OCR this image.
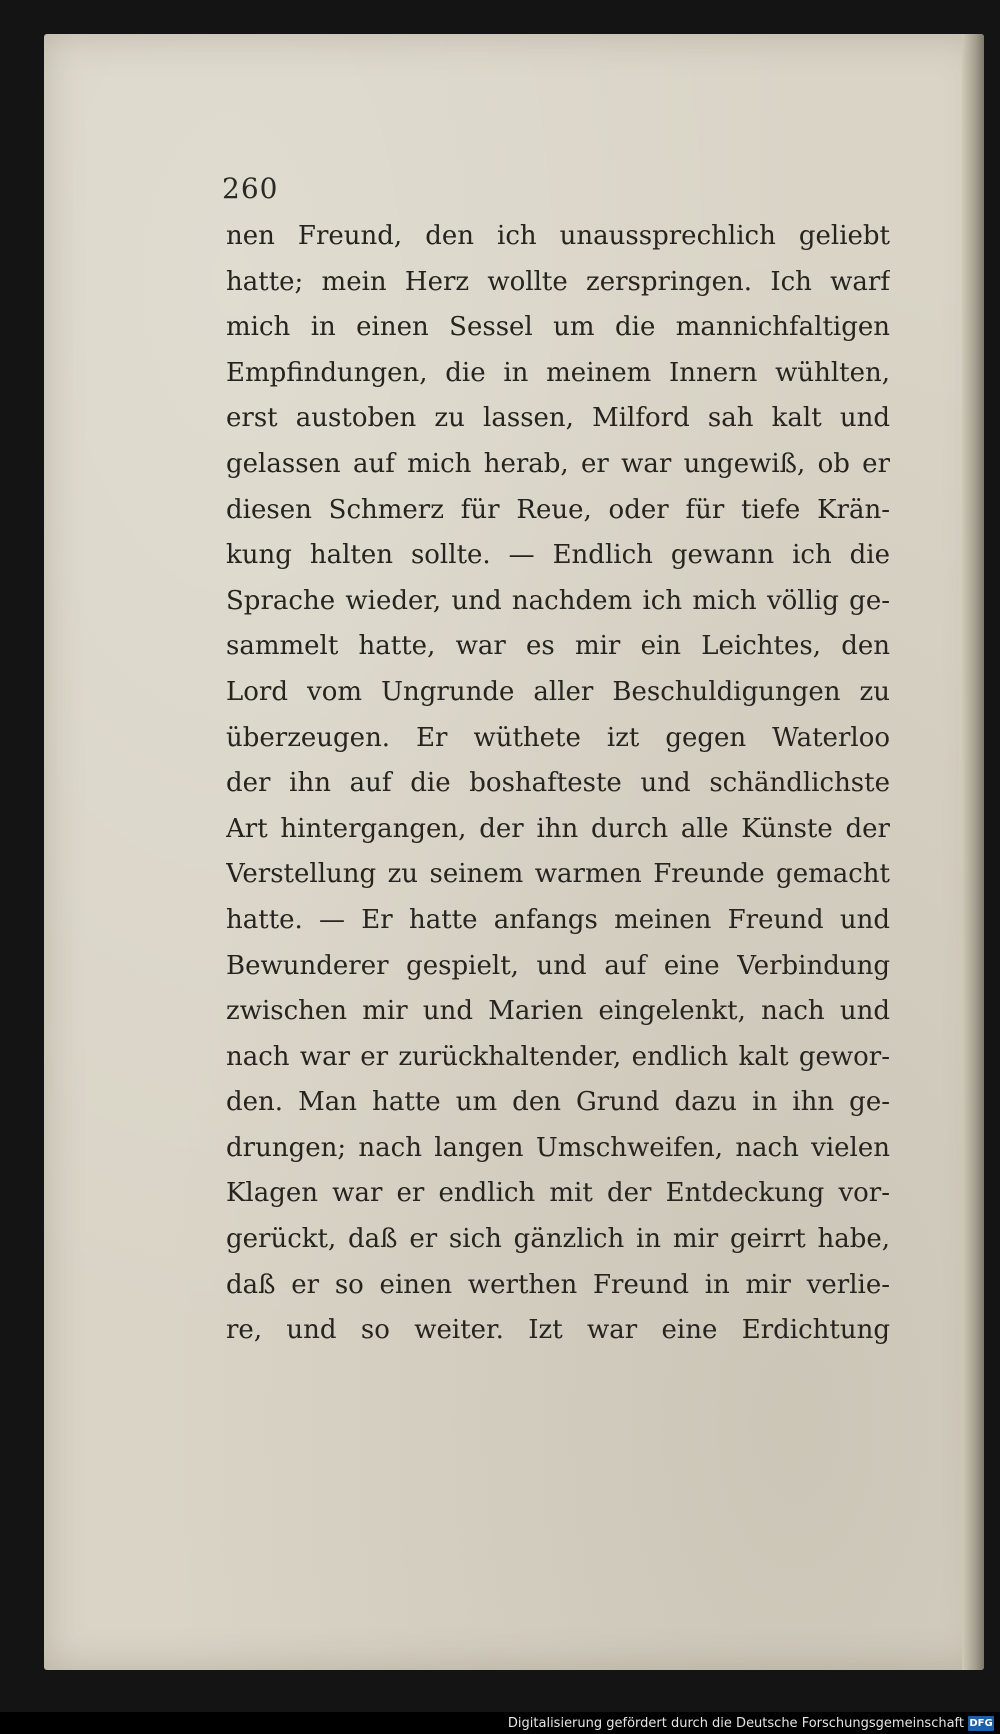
260
nen Freund, den ich unaussprechlich geliebt
hatte; mein Herz wollte zerspringen. Ich warf
mich in einen Sessel um die mannichfaltigen
Empfindungen, die in meinem Innern wühlten,
erst austoben zu lassen, Milford sah kalt und
gelassen auf mich herab, er war ungewiß, ob er
diesen Schmerz für Reue, oder für tiefe Krän-
kung halten sollte. — Endlich gewann ich die
Sprache wieder, und nachdem ich mich völlig ge-
sammelt hatte, war es mir ein Leichtes, den
Lord vom Ungrunde aller Beschuldigungen zu
überzeugen. Er wüthete izt gegen Waterloo
der ihn auf die boshafteste und schändlichste
Art hintergangen, der ihn durch alle Künste der
Verstellung zu seinem warmen Freunde gemacht
hatte. — Er hatte anfangs meinen Freund und
Bewunderer gespielt, und auf eine Verbindung
zwischen mir und Marien eingelenkt, nach und
nach war er zurückhaltender, endlich kalt gewor-
den. Man hatte um den Grund dazu in ihn ge-
drungen; nach langen Umschweifen, nach vielen
Klagen war er endlich mit der Entdeckung vor-
gerückt, daß er sich gänzlich in mir geirrt habe,
daß er so einen werthen Freund in mir verlie-
re, und so weiter. Izt war eine Erdichtung
Digitalisierung gefördert durch die Deutsche Forschungsgemeinschaft DFG
